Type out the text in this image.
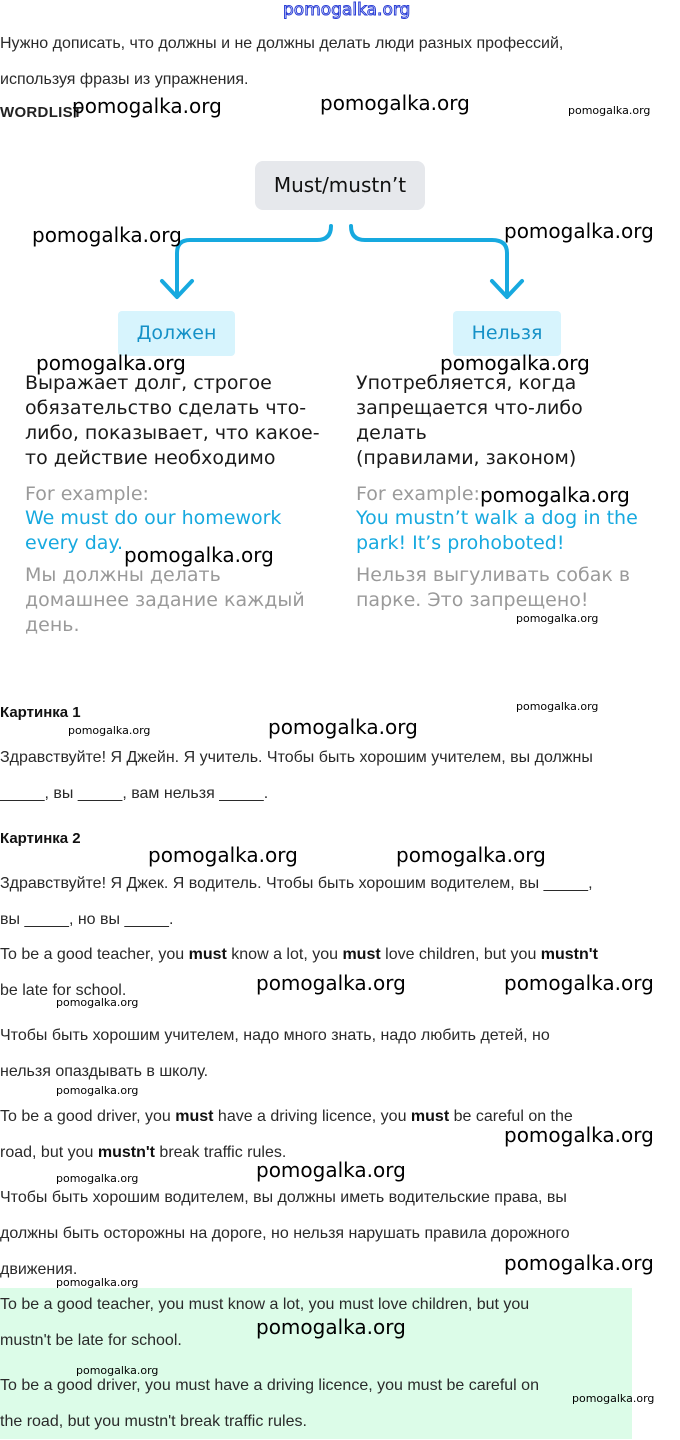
pomogalka.org
Нужно дописать, что должны и не должны делать люди разных профессий,
используя фразы из упражнения.
WORDLIST
Must/mustn’t
Должен	Нельзя
Выражает долг, строгое
обязательство сделать что-
либо, показывает, что какое-
то действие необходимо
For example:
We must do our homework
every day.
Мы должны делать
домашнее задание каждый
день.
Употребляется, когда
запрещается что-либо
делать
(правилами, законом)
For example:
You mustn’t walk a dog in the
park! It’s prohoboted!
Нельзя выгуливать собак в
парке. Это запрещено!
Картинка 1
Здравствуйте! Я Джейн. Я учитель. Чтобы быть хорошим учителем, вы должны
_____, вы _____, вам нельзя _____.
Картинка 2
Здравствуйте! Я Джек. Я водитель. Чтобы быть хорошим водителем, вы _____,
вы _____, но вы _____.
To be a good teacher, you must know a lot, you must love children, but you mustn't
be late for school.
Чтобы быть хорошим учителем, надо много знать, надо любить детей, но
нельзя опаздывать в школу.
To be a good driver, you must have a driving licence, you must be careful on the
road, but you mustn't break traffic rules.
Чтобы быть хорошим водителем, вы должны иметь водительские права, вы
должны быть осторожны на дороге, но нельзя нарушать правила дорожного
движения.
To be a good teacher, you must know a lot, you must love children, but you
mustn't be late for school.
To be a good driver, you must have a driving licence, you must be careful on
the road, but you mustn't break traffic rules.
pomogalka.org	pomogalka.org	pomogalka.org
pomogalka.org	pomogalka.org
pomogalka.org	pomogalka.org
pomogalka.org
pomogalka.org
pomogalka.org
pomogalka.org
pomogalka.org	pomogalka.org
pomogalka.org	pomogalka.org
pomogalka.org	pomogalka.org
pomogalka.org
pomogalka.org
pomogalka.org
pomogalka.org
pomogalka.org
pomogalka.org
pomogalka.org
pomogalka.org
pomogalka.org
pomogalka.org
